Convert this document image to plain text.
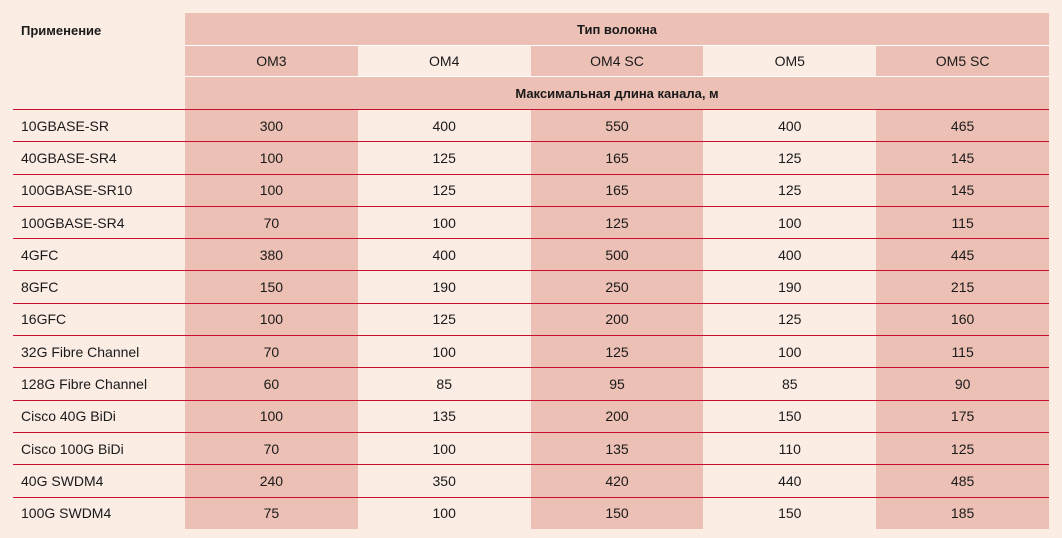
Применение	Тип волокна				
	OM3	OM4	OM4 SC	OM5	OM5 SC
	Максимальная длина канала, м				
10GBASE-SR	300	400	550	400	465
40GBASE-SR4	100	125	165	125	145
100GBASE-SR10	100	125	165	125	145
100GBASE-SR4	70	100	125	100	115
4GFC	380	400	500	400	445
8GFC	150	190	250	190	215
16GFC	100	125	200	125	160
32G Fibre Channel	70	100	125	100	115
128G Fibre Channel	60	85	95	85	90
Cisco 40G BiDi	100	135	200	150	175
Cisco 100G BiDi	70	100	135	110	125
40G SWDM4	240	350	420	440	485
100G SWDM4	75	100	150	150	185
